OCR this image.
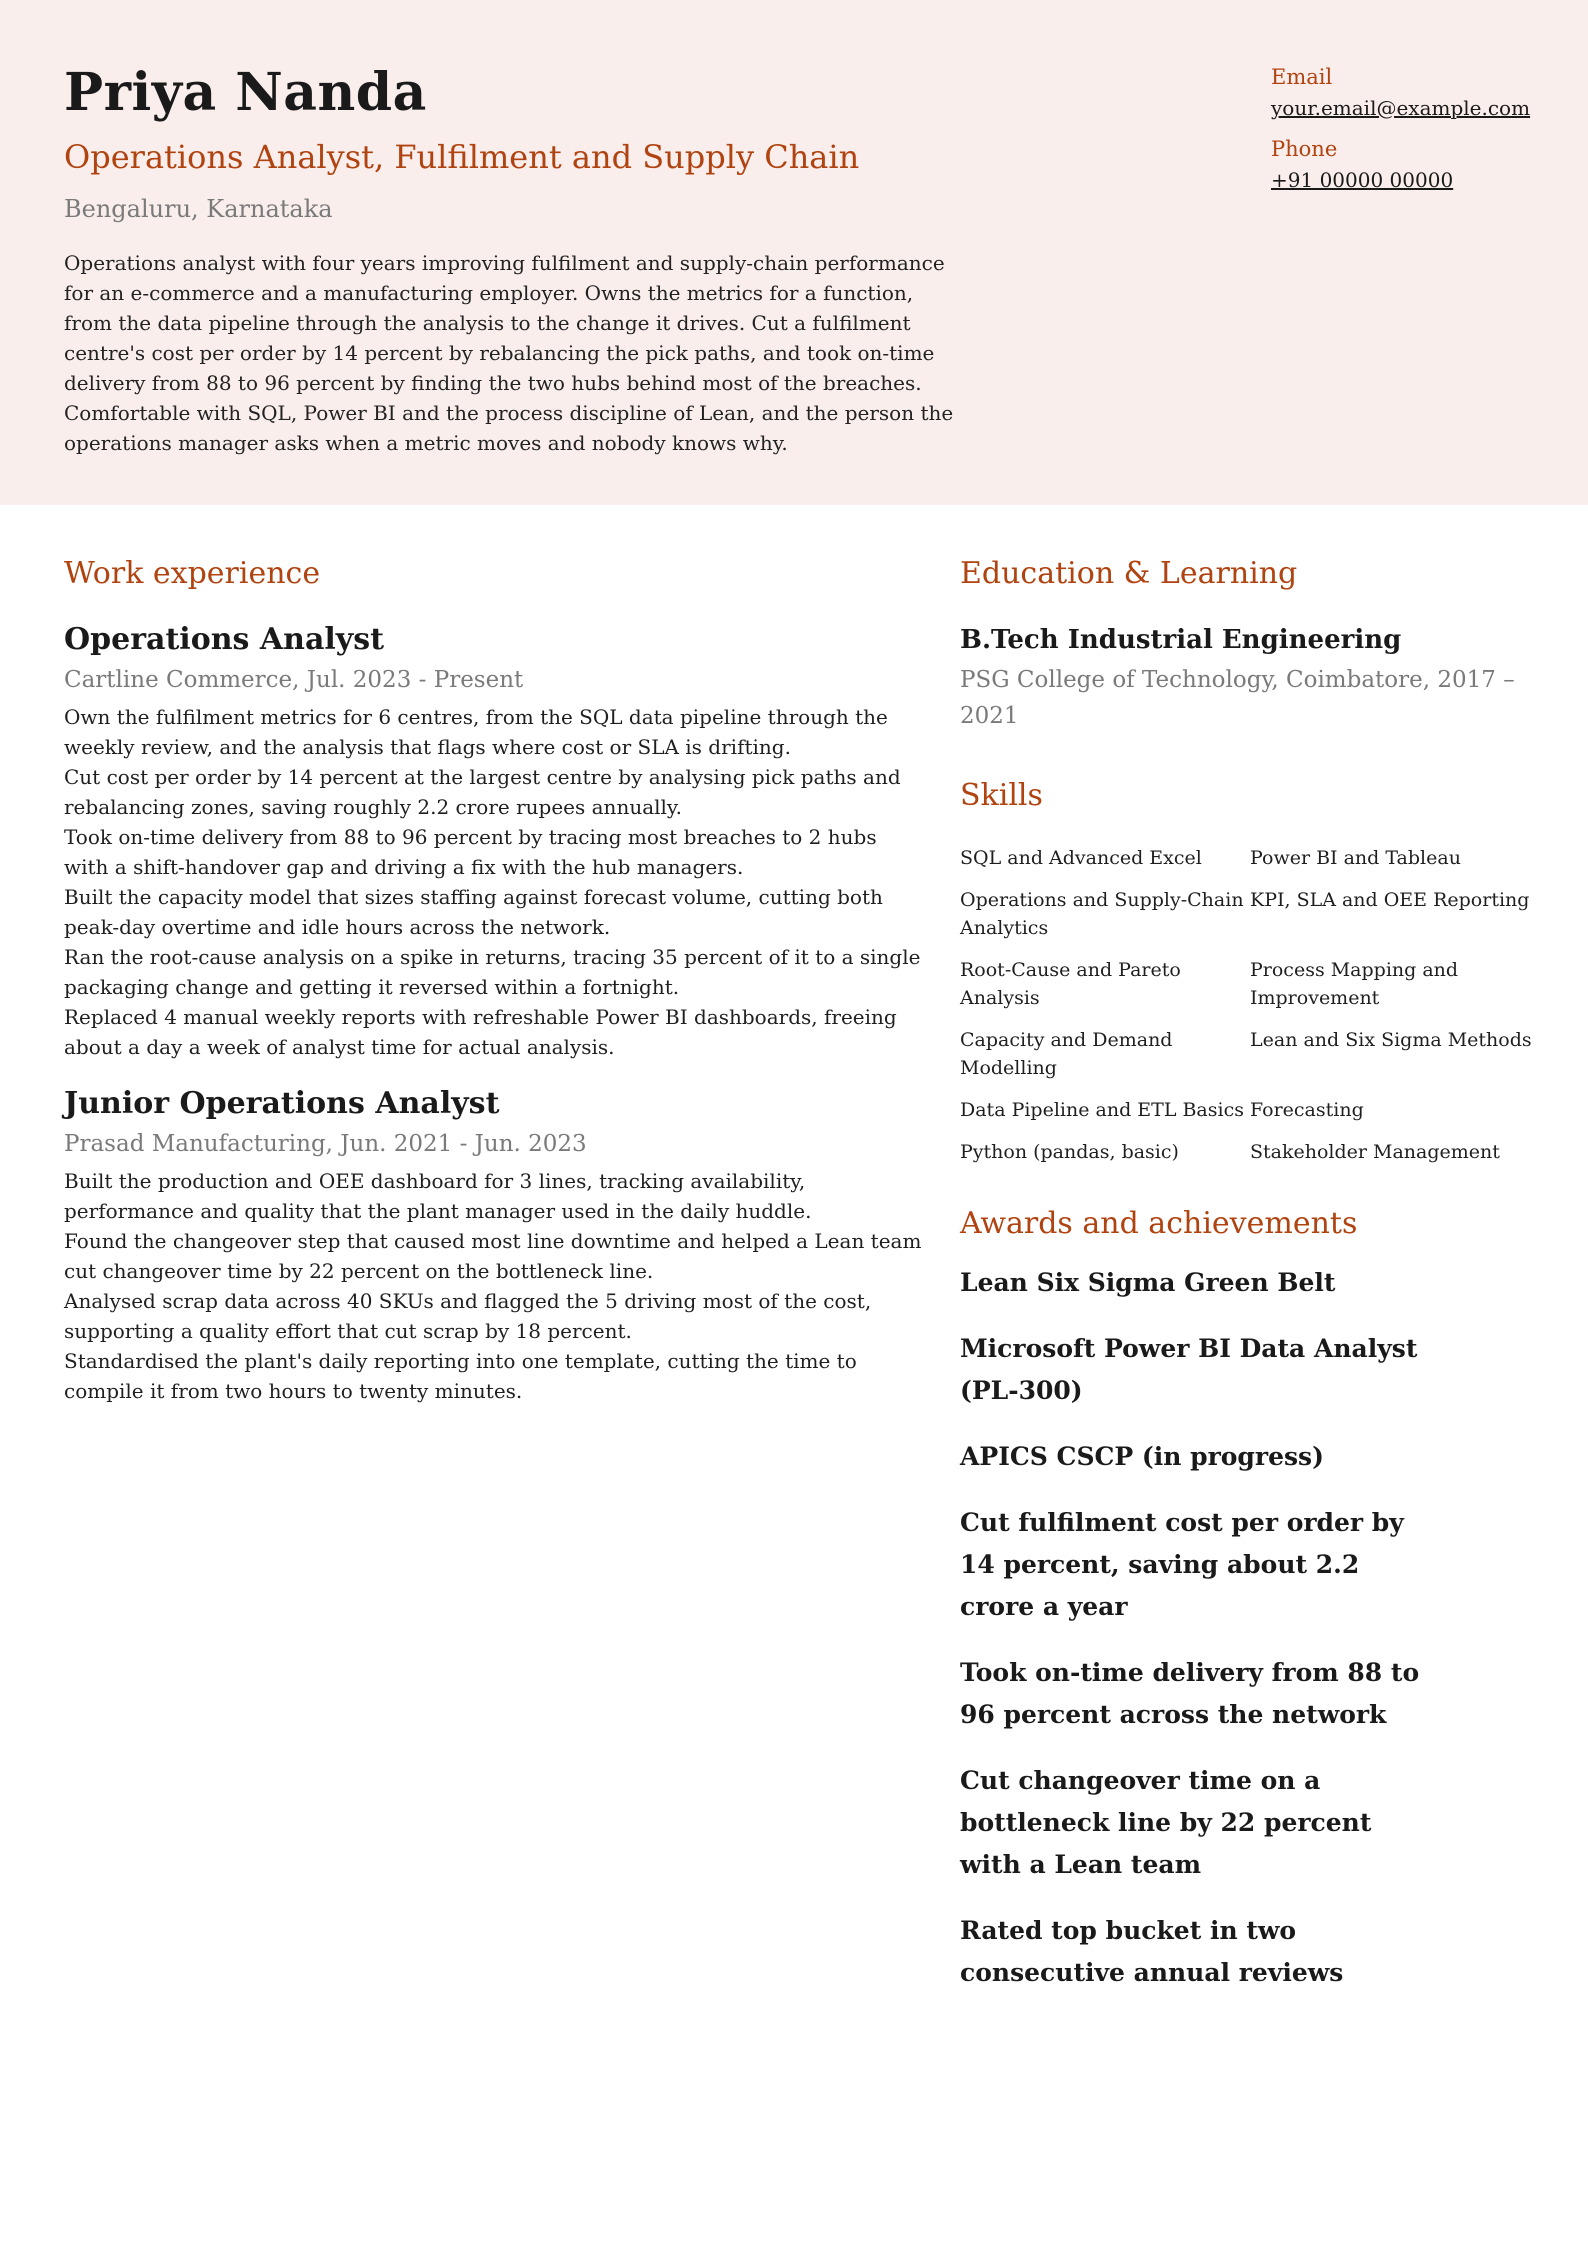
Priya Nanda
Operations Analyst, Fulfilment and Supply Chain
Bengaluru, Karnataka

Operations analyst with four years improving fulfilment and supply-chain performance for an e-commerce and a manufacturing employer. Owns the metrics for a function, from the data pipeline through the analysis to the change it drives. Cut a fulfilment centre's cost per order by 14 percent by rebalancing the pick paths, and took on-time delivery from 88 to 96 percent by finding the two hubs behind most of the breaches. Comfortable with SQL, Power BI and the process discipline of Lean, and the person the operations manager asks when a metric moves and nobody knows why.

Email
your.email@example.com
Phone
+91 00000 00000
Work experience
Operations Analyst
Cartline Commerce, Jul. 2023 - Present
Own the fulfilment metrics for 6 centres, from the SQL data pipeline through the weekly review, and the analysis that flags where cost or SLA is drifting.
Cut cost per order by 14 percent at the largest centre by analysing pick paths and rebalancing zones, saving roughly 2.2 crore rupees annually.
Took on-time delivery from 88 to 96 percent by tracing most breaches to 2 hubs with a shift-handover gap and driving a fix with the hub managers.
Built the capacity model that sizes staffing against forecast volume, cutting both peak-day overtime and idle hours across the network.
Ran the root-cause analysis on a spike in returns, tracing 35 percent of it to a single packaging change and getting it reversed within a fortnight.
Replaced 4 manual weekly reports with refreshable Power BI dashboards, freeing about a day a week of analyst time for actual analysis.
Junior Operations Analyst
Prasad Manufacturing, Jun. 2021 - Jun. 2023
Built the production and OEE dashboard for 3 lines, tracking availability, performance and quality that the plant manager used in the daily huddle.
Found the changeover step that caused most line downtime and helped a Lean team cut changeover time by 22 percent on the bottleneck line.
Analysed scrap data across 40 SKUs and flagged the 5 driving most of the cost, supporting a quality effort that cut scrap by 18 percent.
Standardised the plant's daily reporting into one template, cutting the time to compile it from two hours to twenty minutes.
Education & Learning
B.Tech Industrial Engineering
PSG College of Technology, Coimbatore, 2017 – 2021
Skills
SQL and Advanced Excel	Power BI and Tableau
Operations and Supply-Chain Analytics
KPI, SLA and OEE Reporting
Root-Cause and Pareto Analysis
Process Mapping and Improvement
Capacity and Demand Modelling
Lean and Six Sigma Methods
Data Pipeline and ETL Basics Forecasting
Python (pandas, basic)	Stakeholder Management
Awards and achievements
Lean Six Sigma Green Belt
Microsoft Power BI Data Analyst (PL-300)
APICS CSCP (in progress)
Cut fulfilment cost per order by 14 percent, saving about 2.2 crore a year
Took on-time delivery from 88 to 96 percent across the network
Cut changeover time on a bottleneck line by 22 percent with a Lean team
Rated top bucket in two consecutive annual reviews
